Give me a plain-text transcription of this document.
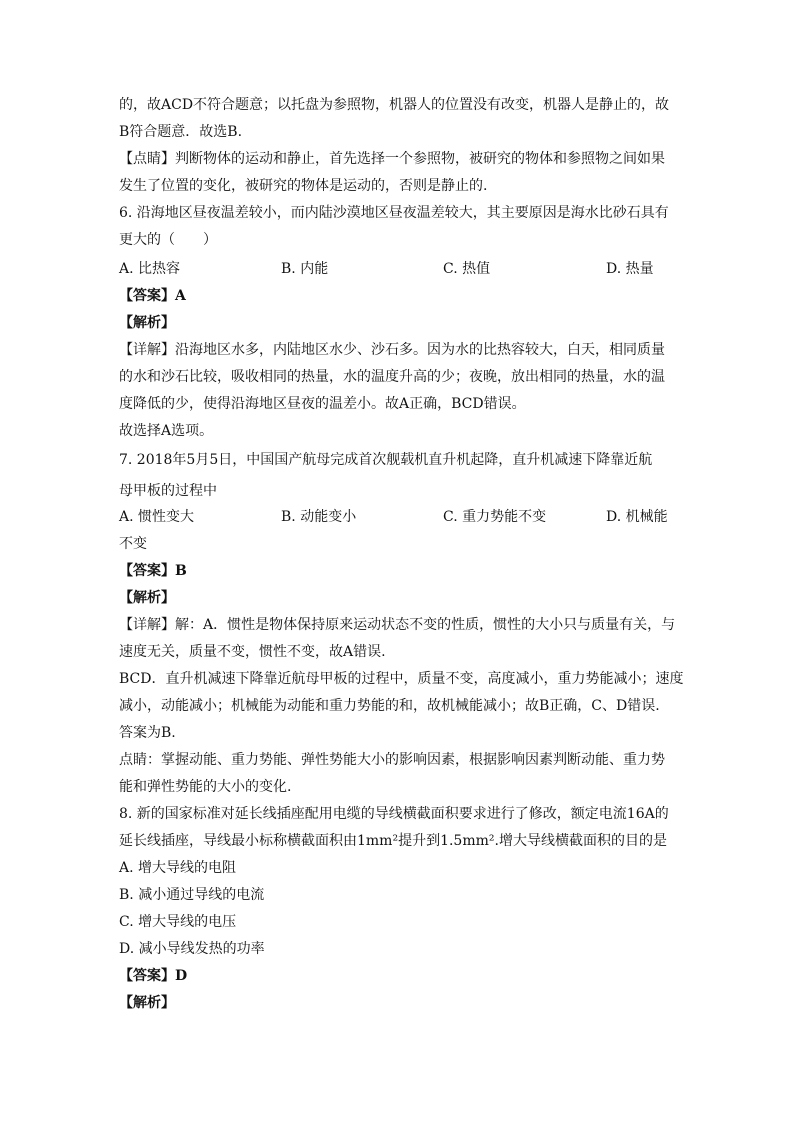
的，故ACD不符合题意；以托盘为参照物，机器人的位置没有改变，机器人是静止的，故
B符合题意．故选B.
【点睛】判断物体的运动和静止，首先选择一个参照物，被研究的物体和参照物之间如果
发生了位置的变化，被研究的物体是运动的，否则是静止的.
6. 沿海地区昼夜温差较小，而内陆沙漠地区昼夜温差较大，其主要原因是海水比砂石具有
更大的（　　）
A. 比热容	B. 内能	C. 热值	D. 热量
【答案】A
【解析】
【详解】沿海地区水多，内陆地区水少、沙石多。因为水的比热容较大，白天，相同质量
的水和沙石比较，吸收相同的热量，水的温度升高的少；夜晚，放出相同的热量，水的温
度降低的少，使得沿海地区昼夜的温差小。故A正确，BCD错误。
故选择A选项。
7. 2018年5月5日，中国国产航母完成首次舰载机直升机起降，直升机减速下降靠近航
母甲板的过程中
A. 惯性变大	B. 动能变小	C. 重力势能不变	D. 机械能
不变
【答案】B
【解析】
【详解】解：A．惯性是物体保持原来运动状态不变的性质，惯性的大小只与质量有关，与
速度无关，质量不变，惯性不变，故A错误.
BCD．直升机减速下降靠近航母甲板的过程中，质量不变，高度减小，重力势能减小；速度
减小，动能减小；机械能为动能和重力势能的和，故机械能减小；故B正确，C、D错误.
答案为B.
点睛：掌握动能、重力势能、弹性势能大小的影响因素，根据影响因素判断动能、重力势
能和弹性势能的大小的变化.
8. 新的国家标准对延长线插座配用电缆的导线横截面积要求进行了修改，额定电流16A的
延长线插座，导线最小标称横截面积由1mm²提升到1.5mm².增大导线横截面积的目的是
A. 增大导线的电阻
B. 减小通过导线的电流
C. 增大导线的电压
D. 减小导线发热的功率
【答案】D
【解析】
